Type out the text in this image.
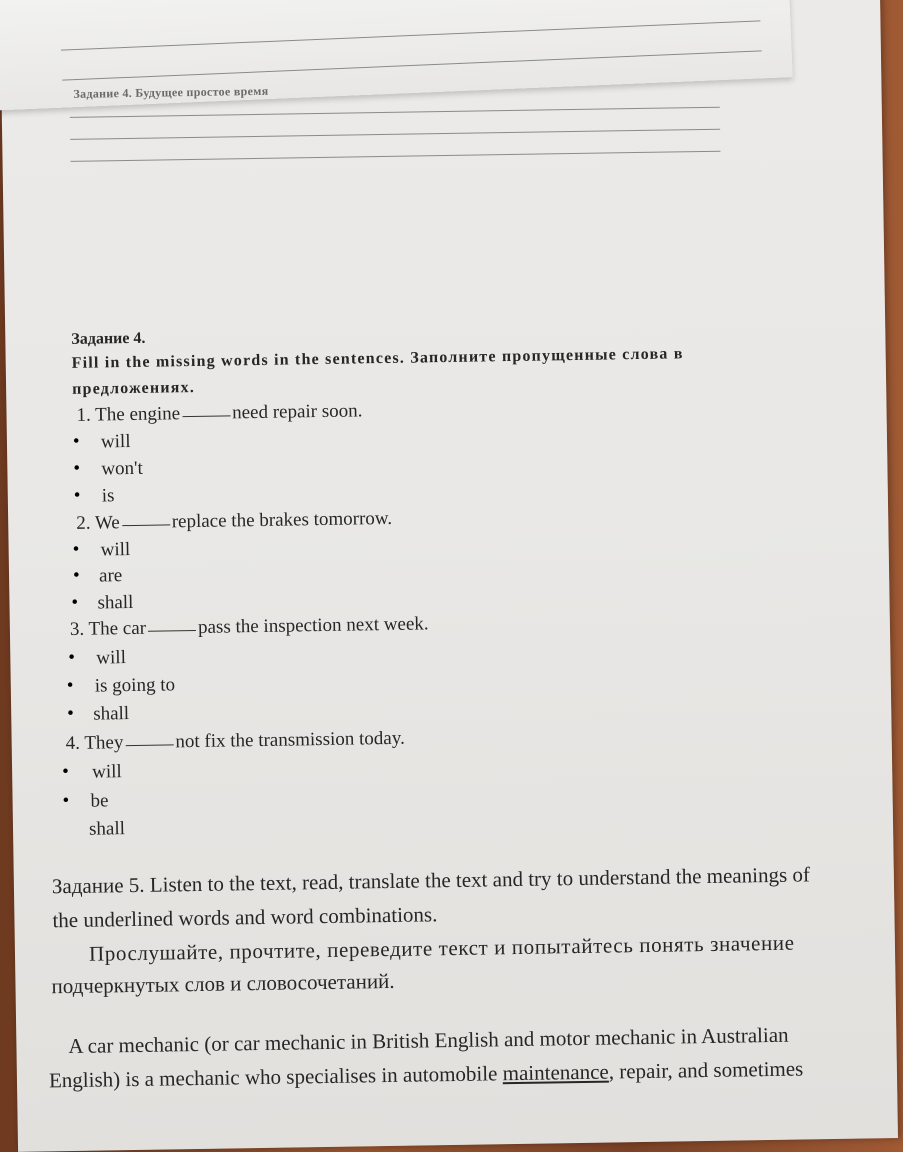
Задание 4. Будущее простое время
Задание 4.
Fill in the missing words in the sentences. Заполните пропущенные слова в
предложениях.
1. The engine	need repair soon.
• will
• won't
• is
2. We	replace the brakes tomorrow.
• will
• are
• shall
3. The car	pass the inspection next week.
• will
• is going to
• shall
4. They	not fix the transmission today.
• will
• be
shall
Задание 5. Listen to the text, read, translate the text and try to understand the meanings of
the underlined words and word combinations.
Прослушайте, прочтите, переведите текст и попытайтесь понять значение
подчеркнутых слов и словосочетаний.
A car mechanic (or car mechanic in British English and motor mechanic in Australian
English) is a mechanic who specialises in automobile maintenance, repair, and sometimes
